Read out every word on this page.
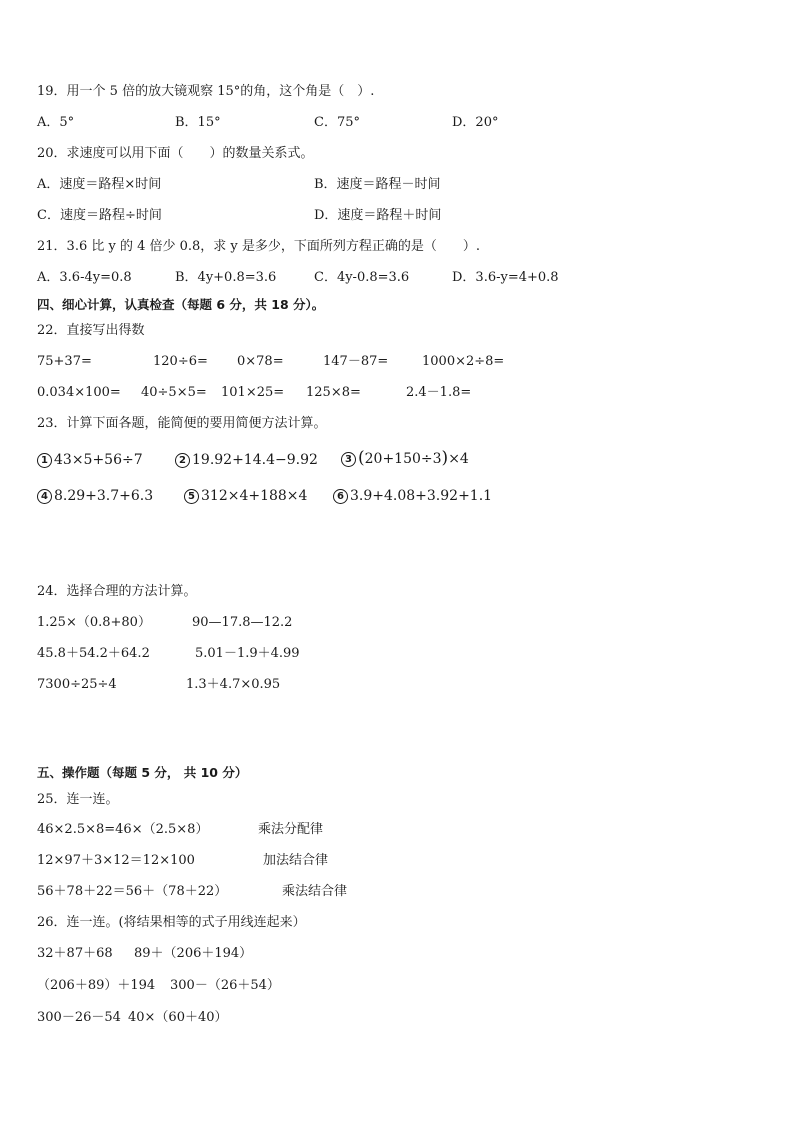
19．用一个 5 倍的放大镜观察 15°的角，这个角是（　）.
A．5°	B．15°	C．75°	D．20°
20．求速度可以用下面（　　）的数量关系式。
A．速度＝路程×时间	B．速度＝路程－时间
C．速度＝路程÷时间	D．速度＝路程＋时间
21．3.6 比 y 的 4 倍少 0.8，求 y 是多少，下面所列方程正确的是（　　）.
A．3.6-4y=0.8	B．4y+0.8=3.6	C．4y-0.8=3.6	D．3.6-y=4+0.8
四、细心计算，认真检查（每题 6 分，共 18 分）。
22．直接写出得数
75+37=	120÷6= 0×78=	147－87=	1000×2÷8=
0.034×100= 40÷5×5= 101×25= 125×8=	2.4－1.8=
23．计算下面各题，能简便的要用简便方法计算。
1 43×5+56÷7	2 19.92+14.4−9.92	3 (20+150÷3)×4
4 8.29+3.7+6.3	5 312×4+188×4	6 3.9+4.08+3.92+1.1
24．选择合理的方法计算。
1.25×（0.8+80）	90—17.8—12.2
45.8＋54.2＋64.2	5.01－1.9＋4.99
7300÷25÷4	1.3＋4.7×0.95
五、操作题（每题 5 分， 共 10 分）
25．连一连。
46×2.5×8=46×（2.5×8）	乘法分配律
12×97＋3×12＝12×100	加法结合律
56＋78＋22＝56＋（78＋22）	乘法结合律
26．连一连。(将结果相等的式子用线连起来）
32＋87＋68 89＋（206＋194）
（206＋89）＋194 300－（26＋54）
300－26－54 40×（60＋40）
